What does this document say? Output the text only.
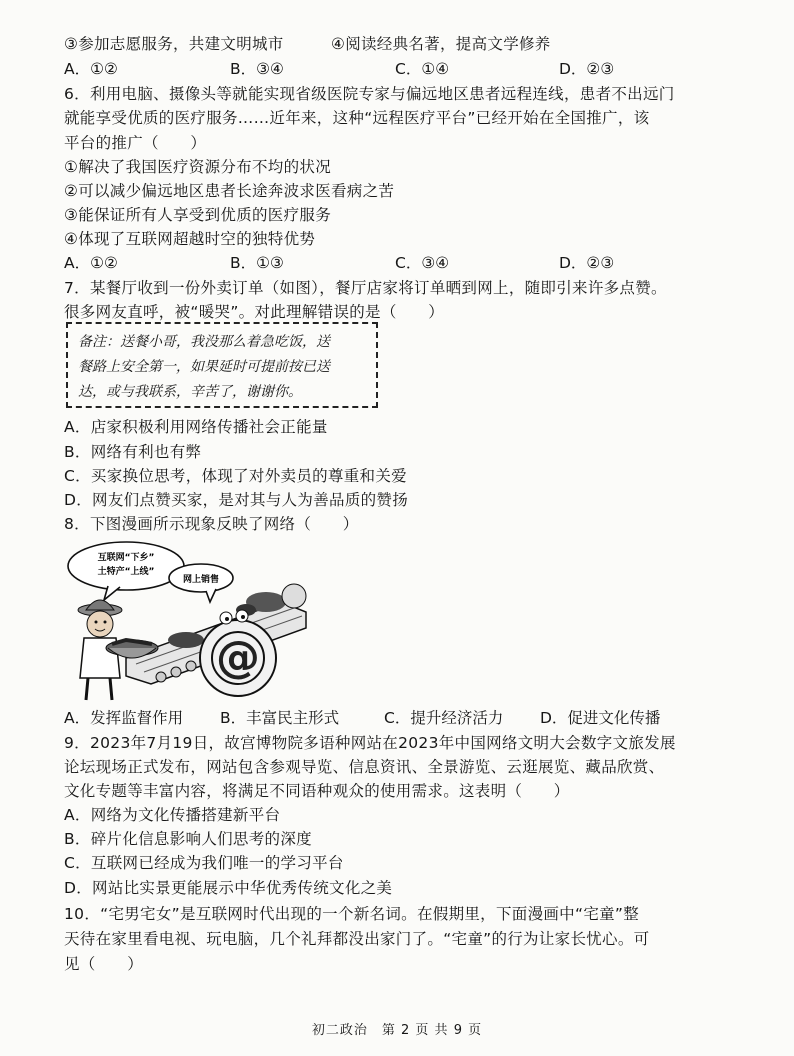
③参加志愿服务，共建文明城市　　　④阅读经典名著，提高文学修养
A．①②	B．③④	C．①④	D．②③
6．利用电脑、摄像头等就能实现省级医院专家与偏远地区患者远程连线，患者不出远门
就能享受优质的医疗服务……近年来，这种“远程医疗平台”已经开始在全国推广，该
平台的推广（　　）
①解决了我国医疗资源分布不均的状况
②可以减少偏远地区患者长途奔波求医看病之苦
③能保证所有人享受到优质的医疗服务
④体现了互联网超越时空的独特优势
A．①②	B．①③	C．③④	D．②③
7．某餐厅收到一份外卖订单（如图），餐厅店家将订单晒到网上，随即引来许多点赞。
很多网友直呼，被“暖哭”。对此理解错误的是（　　）
备注：送餐小哥，我没那么着急吃饭，送
餐路上安全第一，如果延时可提前按已送
达，或与我联系，辛苦了，谢谢你。
A．店家积极利用网络传播社会正能量
B．网络有利也有弊
C．买家换位思考，体现了对外卖员的尊重和关爱
D．网友们点赞买家，是对其与人为善品质的赞扬
8．下图漫画所示现象反映了网络（　　）
互联网“下乡”
土特产“上线”
网上销售
@
A．发挥监督作用 B．丰富民主形式	C．提升经济活力 D．促进文化传播
9．2023年7月19日，故宫博物院多语种网站在2023年中国网络文明大会数字文旅发展
论坛现场正式发布，网站包含参观导览、信息资讯、全景游览、云逛展览、藏品欣赏、
文化专题等丰富内容，将满足不同语种观众的使用需求。这表明（　　）
A．网络为文化传播搭建新平台
B．碎片化信息影响人们思考的深度
C．互联网已经成为我们唯一的学习平台
D．网站比实景更能展示中华优秀传统文化之美
10．“宅男宅女”是互联网时代出现的一个新名词。在假期里，下面漫画中“宅童”整
天待在家里看电视、玩电脑，几个礼拜都没出家门了。“宅童”的行为让家长忧心。可
见（　　）
初二政治　第 2 页 共 9 页
